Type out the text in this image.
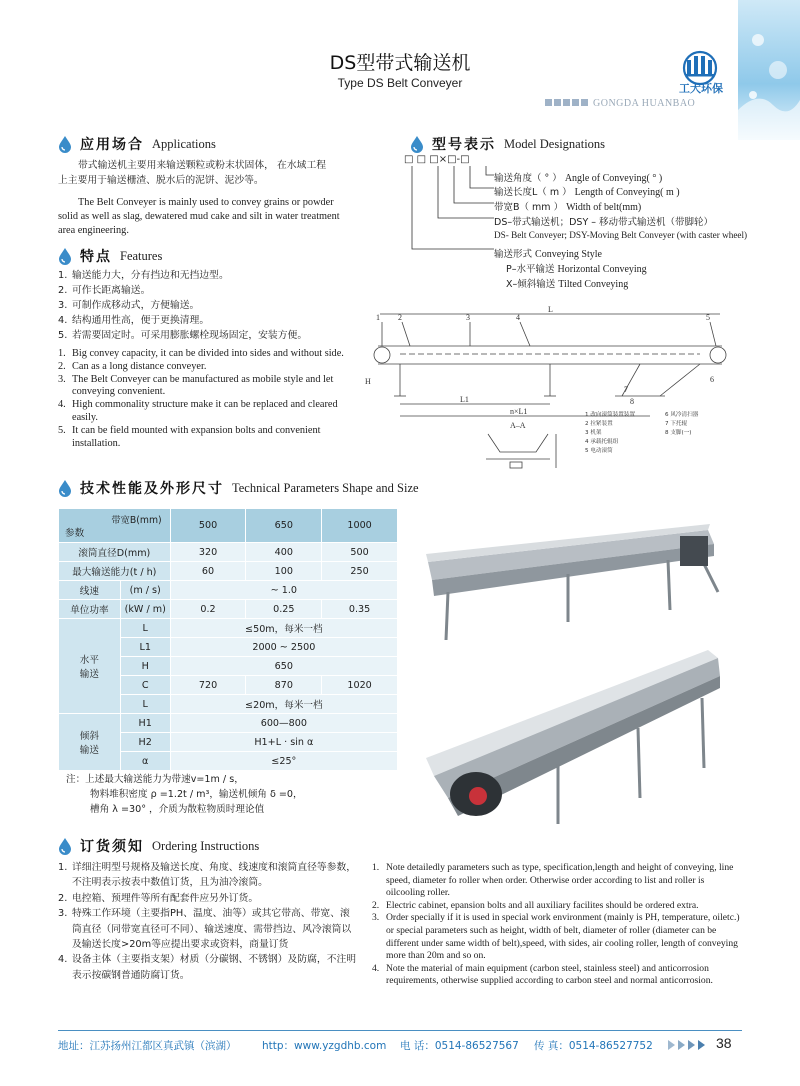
DS型带式输送机
Type DS Belt Conveyer	工大环保
GONGDA HUANBAO
应用场合 Applications
带式输送机主要用来输送颗粒或粉末状固体， 在水域工程
上主要用于输送栅渣、脱水后的泥饼、泥沙等。
The Belt Conveyer is mainly used to convey grains or powder
solid as well as slag, dewatered mud cake and silt in water treatment
area engineering.
特点 Features
1. 输送能力大，分有挡边和无挡边型。
2. 可作长距离输送。
3. 可制作成移动式，方便输送。
4. 结构通用性高，便于更换清理。
5. 若需要固定时。可采用膨胀螺栓现场固定，安装方便。
1. Big convey capacity, it can be divided into sides and without side.
2. Can as a long distance conveyer.
3. The Belt Conveyer can be manufactured as mobile style and let conveying convenient.
4. High commonality structure make it can be replaced and cleared easily.
5. It can be field mounted with expansion bolts and convenient installation.
型号表示 Model Designations
□ □ □×□-□
输送角度（ ° ） Angle of Conveying( ° )
输送长度L（ m ） Length of Conveying( m )
带宽B（ mm ） Width of belt(mm)
DS–带式输送机；DSY – 移动带式输送机（带脚轮）
DS- Belt Conveyer; DSY-Moving Belt Conveyer (with caster wheel)
输送形式 Conveying Style
P–水平输送 Horizontal Conveying
X–倾斜输送 Tilted Conveying
1 2	3	4	5
6
7
8
L
L1
H
A–A
n×L1	1 改向滚筒装置装置
2 拉紧装置
3 机架
4 承载托辊组
5 电动滚筒
6 风冷清扫器
7 下托辊
8 支脚(一)
技术性能及外形尺寸 Technical Parameters Shape and Size
带宽B(mm)
参数		500	650	1000
滚筒直径D(mm)		320	400	500
最大输送能力(t / h)		60	100	250
线速	(m / s)	~ 1.0		
单位功率	(kW / m)	0.2	0.25	0.35
水平
输送	L	≤50m，每米一档		
	L1	2000 ~ 2500		
	H	650		
	C	720	870	1020
	L	≤20m，每米一档		
倾斜
输送	H1	600—800		
	H2	H1+L · sin α		
	α	≤25°		
注：上述最大输送能力为带速v=1m / s，
物料堆积密度 ρ =1.2t / m³，输送机倾角 δ =0，
槽角 λ =30° ，介质为散粒物质时理论值
订货须知 Ordering Instructions
1. 详细注明型号规格及输送长度、角度、线速度和滚筒直径等参数，不注明表示按表中数值订货，且为油冷滚筒。
2. 电控箱、预埋件等所有配套件应另外订货。
3. 特殊工作环境（主要指PH、温度、油等）或其它带高、带宽、滚筒直径（同带宽直径可不同）、输送速度、需带挡边、风冷滚筒以及输送长度>20m等应提出要求或资料，商量订货
4. 设备主体（主要指支架）材质（分碳钢、不锈钢）及防腐，不注明表示按碳钢普通防腐订货。
1. Note detailedly parameters such as type, specification,length and height of conveying, line speed, diameter fo roller when order. Otherwise order according to list and roller is oilcooling roller.
2. Electric cabinet, epansion bolts and all auxiliary facilites should be ordered extra.
3. Order specially if it is used in special work environment (mainly is PH, temperature, oiletc.) or special parameters such as height, width of belt, diameter of roller (diameter can be different under same width of belt),speed, with sides, air cooling roller, length of conveying more than 20m and so on.
4. Note the material of main equipment (carbon steel, stainless steel) and anticorrosion requirements, otherwise supplied according to carbon steel and normal anticorrosion.
地址：江苏扬州江都区真武镇（滨湖） http：www.yzgdhb.com 电 话：0514-86527567 传 真：0514-86527752	38
